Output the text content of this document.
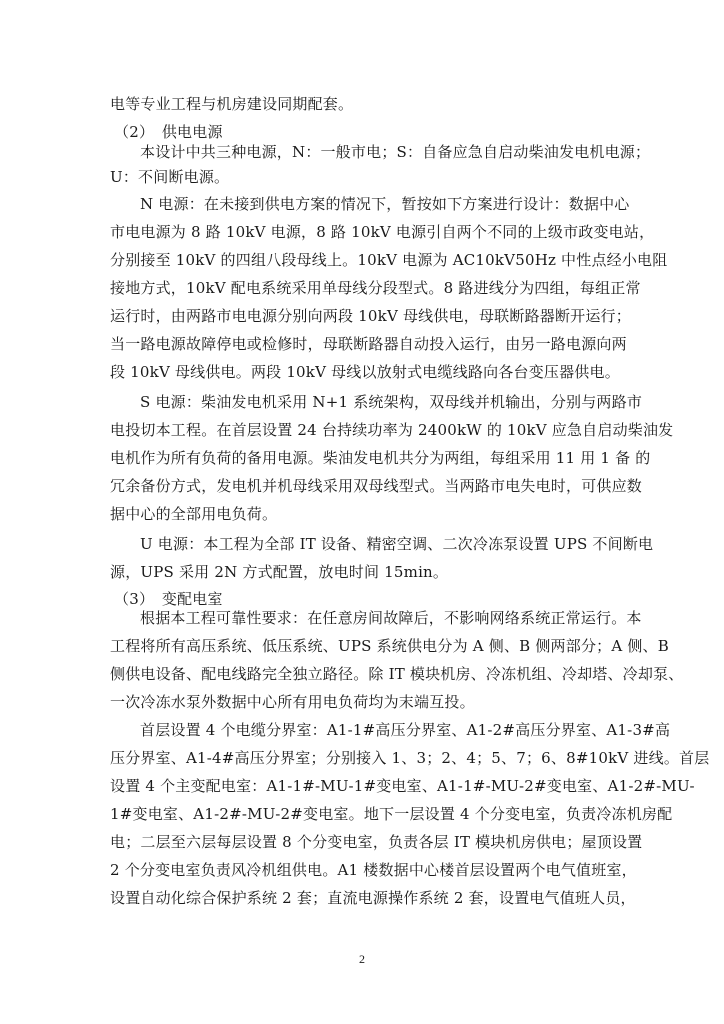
电等专业工程与机房建设同期配套。
（2）　供电电源
本设计中共三种电源，N：一般市电；S：自备应急自启动柴油发电机电源；
U：不间断电源。
N 电源：在未接到供电方案的情况下，暂按如下方案进行设计：数据中心
市电电源为 8 路 10kV 电源，8 路 10kV 电源引自两个不同的上级市政变电站，
分别接至 10kV 的四组八段母线上。10kV 电源为 AC10kV50Hz 中性点经小电阻
接地方式，10kV 配电系统采用单母线分段型式。8 路进线分为四组，每组正常
运行时，由两路市电电源分别向两段 10kV 母线供电，母联断路器断开运行；
当一路电源故障停电或检修时，母联断路器自动投入运行，由另一路电源向两
段 10kV 母线供电。两段 10kV 母线以放射式电缆线路向各台变压器供电。
S 电源：柴油发电机采用 N+1 系统架构，双母线并机输出，分别与两路市
电投切本工程。在首层设置 24 台持续功率为 2400kW 的 10kV 应急自启动柴油发
电机作为所有负荷的备用电源。柴油发电机共分为两组，每组采用 11 用 1 备 的
冗余备份方式，发电机并机母线采用双母线型式。当两路市电失电时，可供应数
据中心的全部用电负荷。
U 电源：本工程为全部 IT 设备、精密空调、二次冷冻泵设置 UPS 不间断电
源，UPS 采用 2N 方式配置，放电时间 15min。
（3）　变配电室
根据本工程可靠性要求：在任意房间故障后，不影响网络系统正常运行。本
工程将所有高压系统、低压系统、UPS 系统供电分为 A 侧、B 侧两部分；A 侧、B
侧供电设备、配电线路完全独立路径。除 IT 模块机房、冷冻机组、冷却塔、冷却泵、
一次冷冻水泵外数据中心所有用电负荷均为末端互投。
首层设置 4 个电缆分界室：A1-1#高压分界室、A1-2#高压分界室、A1-3#高
压分界室、A1-4#高压分界室；分别接入 1、3；2、4；5、7；6、8#10kV 进线。首层
设置 4 个主变配电室：A1-1#-MU-1#变电室、A1-1#-MU-2#变电室、A1-2#-MU-
1#变电室、A1-2#-MU-2#变电室。地下一层设置 4 个分变电室，负责冷冻机房配
电；二层至六层每层设置 8 个分变电室，负责各层 IT 模块机房供电；屋顶设置
2 个分变电室负责风冷机组供电。A1 楼数据中心楼首层设置两个电气值班室，
设置自动化综合保护系统 2 套；直流电源操作系统 2 套，设置电气值班人员，
2
